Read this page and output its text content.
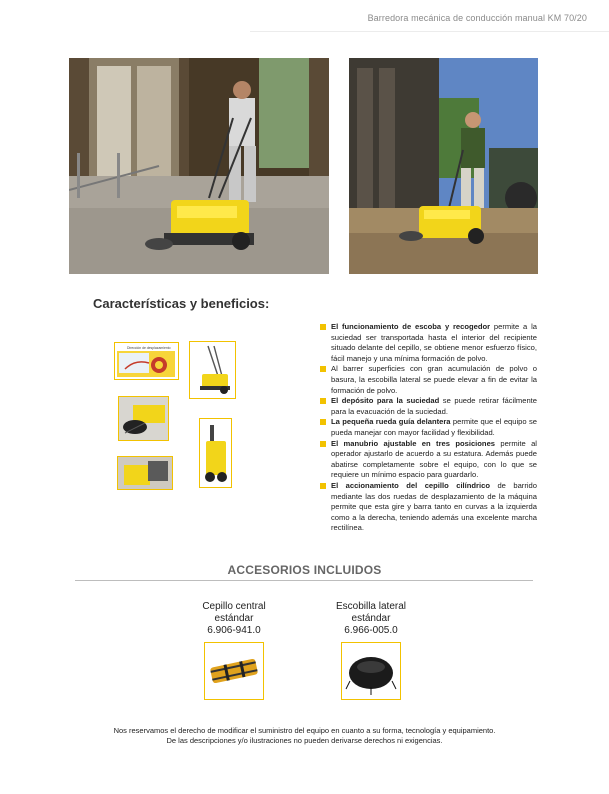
Barredora mecánica de conducción manual KM 70/20
Características y beneficios:
Dirección de desplazamiento
El funcionamiento de escoba y recogedor permite a la suciedad ser transportada hasta el interior del recipiente situado delante del cepillo, se obtiene menor esfuerzo físico, fácil manejo y una mínima formación de polvo.
Al barrer superficies con gran acumulación de polvo o basura, la escobilla lateral se puede elevar a fin de evitar la formación de polvo.
El depósito para la suciedad se puede retirar fácilmente para la evacuación de la suciedad.
La pequeña rueda guía delantera permite que el equipo se pueda manejar con mayor facilidad y flexibilidad.
El manubrio ajustable en tres posiciones permite al operador ajustarlo de acuerdo a su estatura. Además puede abatirse completamente sobre el equipo, con lo que se requiere un mínimo espacio para guardarlo.
El accionamiento del cepillo cilíndrico de barrido mediante las dos ruedas de desplazamiento de la máquina permite que esta gire y barra tanto en curvas a la izquierda como a la derecha, teniendo además una excelente marcha rectilínea.
ACCESORIOS INCLUIDOS
Cepillo central
estándar
6.906-941.0
Escobilla lateral
estándar
6.966-005.0
Nos reservamos el derecho de modificar el suministro del equipo en cuanto a su forma, tecnología y equipamiento.
De las descripciones y/o ilustraciones no pueden derivarse derechos ni exigencias.
